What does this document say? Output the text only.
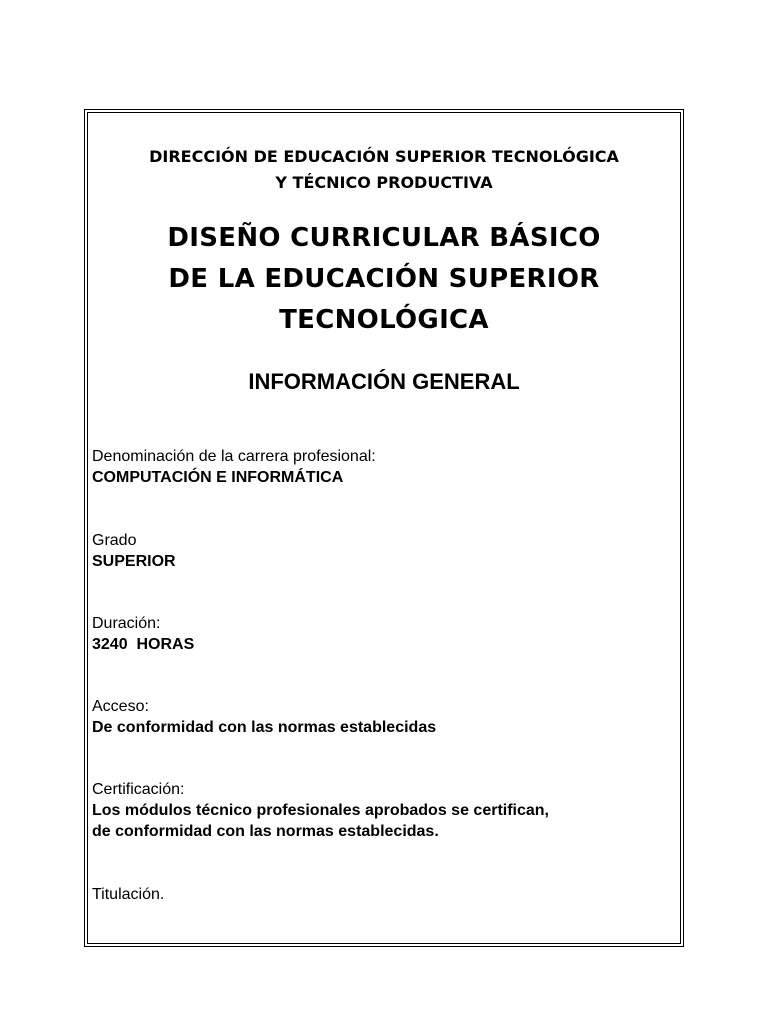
DIRECCIÓN DE EDUCACIÓN SUPERIOR TECNOLÓGICA
Y TÉCNICO PRODUCTIVA
DISEÑO CURRICULAR BÁSICO
DE LA EDUCACIÓN SUPERIOR
TECNOLÓGICA
INFORMACIÓN GENERAL
Denominación de la carrera profesional:
COMPUTACIÓN E INFORMÁTICA
Grado
SUPERIOR
Duración:
3240  HORAS
Acceso:
De conformidad con las normas establecidas
Certificación:
Los módulos técnico profesionales aprobados se certifican,
de conformidad con las normas establecidas.
Titulación.
